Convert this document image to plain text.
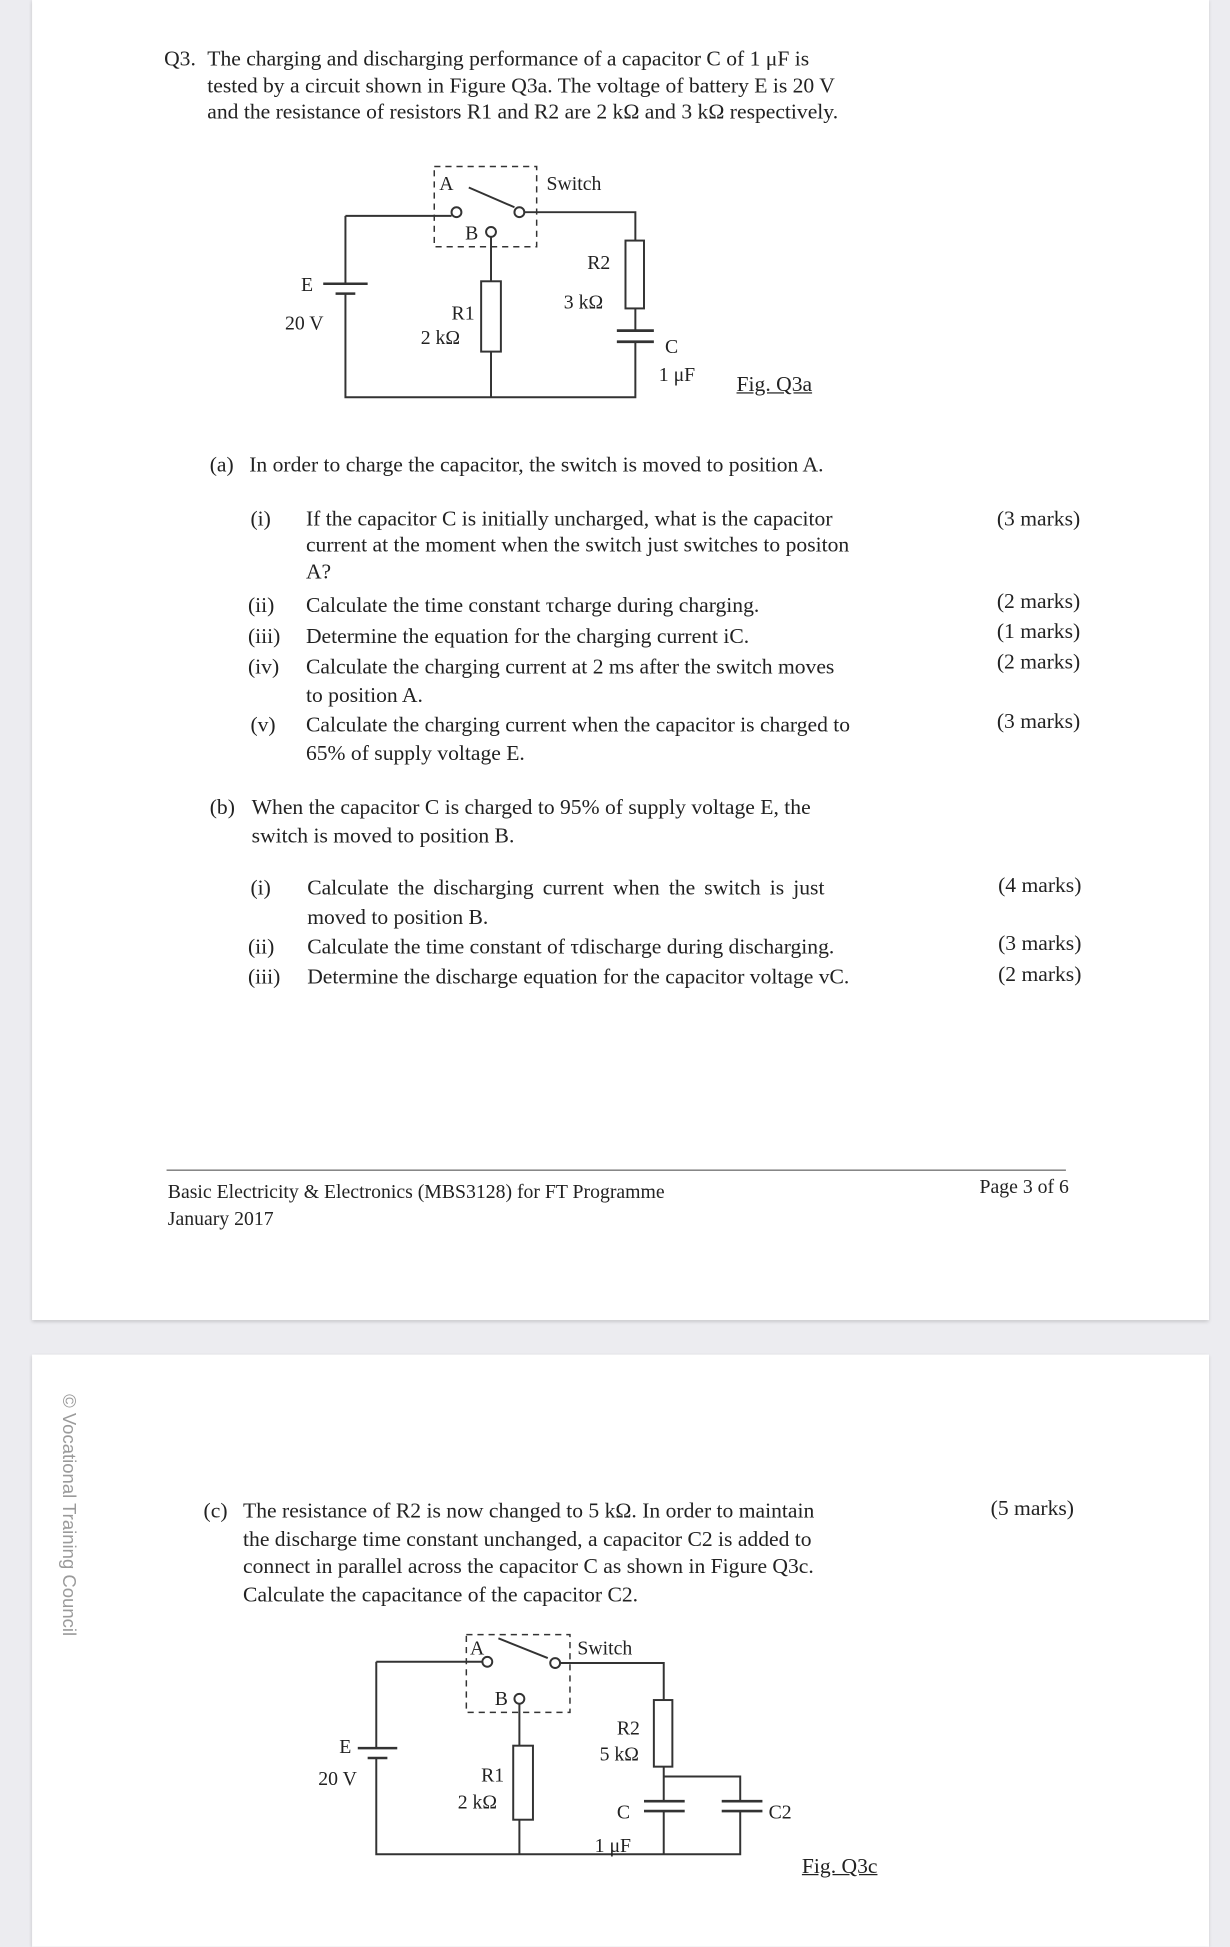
Q3. The charging and discharging performance of a capacitor C of 1 μF is
tested by a circuit shown in Figure Q3a. The voltage of battery E is 20 V
and the resistance of resistors R1 and R2 are 2 kΩ and 3 kΩ respectively.
A	Switch
B
E
20 V	R1
2 kΩ
R2
3 kΩ
C
1 μF Fig. Q3a
(a) In order to charge the capacitor, the switch is moved to position A.
(i) If the capacitor C is initially uncharged, what is the capacitor
current at the moment when the switch just switches to positon
A?
(3 marks)
(ii) Calculate the time constant τcharge during charging.	(2 marks)
(iii) Determine the equation for the charging current iC.	(1 marks)
(iv) Calculate the charging current at 2 ms after the switch moves
to position A.
(2 marks)
(v) Calculate the charging current when the capacitor is charged to
65% of supply voltage E.
(3 marks)
(b) When the capacitor C is charged to 95% of supply voltage E, the
switch is moved to position B.
(i) Calculate the discharging current when the switch is just
moved to position B.
(4 marks)
(ii) Calculate the time constant of τdischarge during discharging.	(3 marks)
(iii) Determine the discharge equation for the capacitor voltage vC.	(2 marks)
Basic Electricity & Electronics (MBS3128) for FT Programme
January 2017
Page 3 of 6
© Vocational Training Council	(c) The resistance of R2 is now changed to 5 kΩ. In order to maintain
the discharge time constant unchanged, a capacitor C2 is added to
connect in parallel across the capacitor C as shown in Figure Q3c.
Calculate the capacitance of the capacitor C2.
(5 marks)
A	Switch
B
E
20 V	R1
2 kΩ
R2
5 kΩ
C
1 μF
C2
Fig. Q3c
